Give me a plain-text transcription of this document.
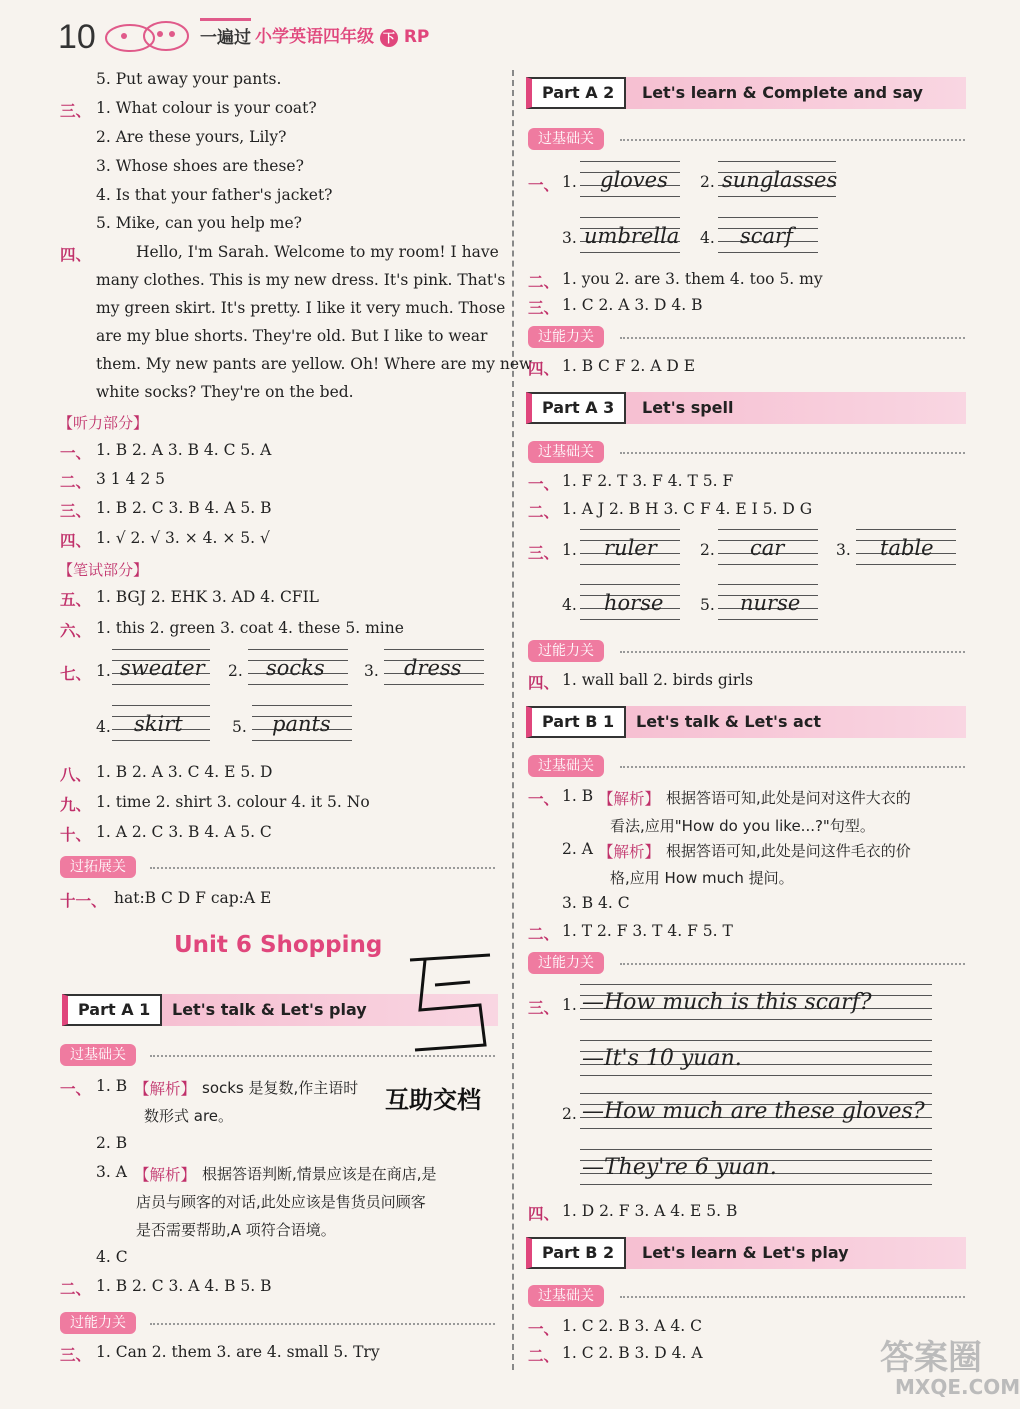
10	一遍过 小学英语四年级 下 RP
5. Put away your pants.
三、 1. What colour is your coat?
2. Are these yours, Lily?
3. Whose shoes are these?
4. Is that your father's jacket?
5. Mike, can you help me?
四、	Hello, I'm Sarah. Welcome to my room! I have
many clothes. This is my new dress. It's pink. That's
my green skirt. It's pretty. I like it very much. Those
are my blue shorts. They're old. But I like to wear
them. My new pants are yellow. Oh! Where are my new
white socks? They're on the bed.
【听力部分】
一、 1. B 2. A 3. B 4. C 5. A
二、 3 1 4 2 5
三、 1. B 2. C 3. B 4. A 5. B
四、 1. √ 2. √ 3. × 4. × 5. √
【笔试部分】
五、 1. BGJ 2. EHK 3. AD 4. CFIL
六、 1. this 2. green 3. coat 4. these 5. mine
七、 1. sweater 2. socks	3. dress
4. skirt	5. pants
八、 1. B 2. A 3. C 4. E 5. D
九、 1. time 2. shirt 3. colour 4. it 5. No
十、 1. A 2. C 3. B 4. A 5. C
过拓展关
十一、 hat:B C D F cap:A E
Unit 6 Shopping
Part A 1	Let's talk & Let's play
过基础关
一、 1. B 【解析】 socks 是复数,作主语时
数形式 are。
2. B
3. A 【解析】 根据答语判断,情景应该是在商店,是
店员与顾客的对话,此处应该是售货员问顾客
是否需要帮助,A 项符合语境。
4. C
二、 1. B 2. C 3. A 4. B 5. B
过能力关
三、 1. Can 2. them 3. are 4. small 5. Try
互助交档
Part A 2	Let's learn & Complete and say
过基础关
一、 1. gloves 2. sunglasses
3. umbrella 4. scarf
二、 1. you 2. are 3. them 4. too 5. my
三、 1. C 2. A 3. D 4. B
过能力关
四、 1. B C F 2. A D E
Part A 3	Let's spell
过基础关
一、 1. F 2. T 3. F 4. T 5. F
二、 1. A J 2. B H 3. C F 4. E I 5. D G
三、 1. ruler	2. car	3. table
4. horse 5. nurse
过能力关
四、 1. wall ball 2. birds girls
Part B 1	Let's talk & Let's act
过基础关
一、 1. B 【解析】 根据答语可知,此处是问对这件大衣的
看法,应用"How do you like...?"句型。
2. A 【解析】 根据答语可知,此处是问这件毛衣的价
格,应用 How much 提问。
3. B 4. C
二、 1. T 2. F 3. T 4. F 5. T
过能力关
三、 1. —How much is this scarf?
—It's 10 yuan.
2. —How much are these gloves?
—They're 6 yuan.
四、 1. D 2. F 3. A 4. E 5. B
Part B 2	Let's learn & Let's play
过基础关
一、 1. C 2. B 3. A 4. C
二、 1. C 2. B 3. D 4. A	答案圈
MXQE.COM
